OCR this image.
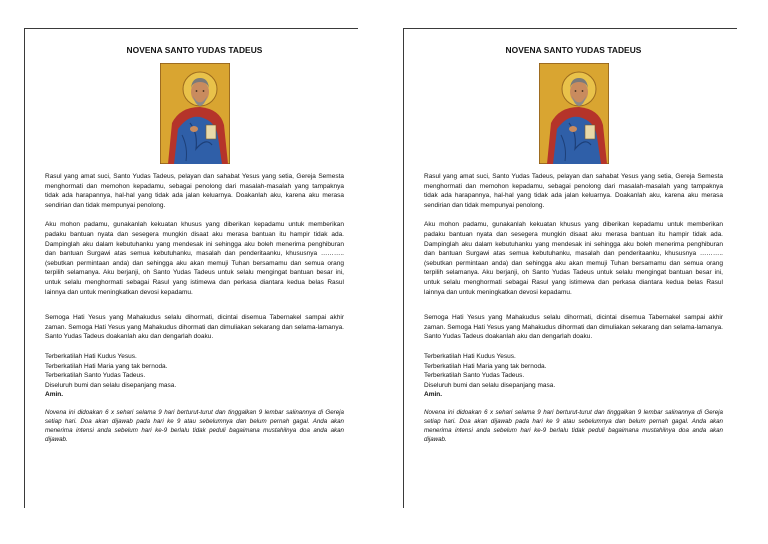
NOVENA SANTO YUDAS TADEUS

Rasul yang amat suci, Santo Yudas Tadeus, pelayan dan sahabat Yesus yang setia, Gereja Semesta menghormati dan memohon kepadamu, sebagai penolong dari masalah-masalah yang tampaknya tidak ada harapannya, hal-hal yang tidak ada jalan keluarnya. Doakanlah aku, karena aku merasa sendirian dan tidak mempunyai penolong.

Aku mohon padamu, gunakanlah kekuatan khusus yang diberikan kepadamu untuk memberikan padaku bantuan nyata dan sesegera mungkin disaat aku merasa bantuan itu hampir tidak ada. Dampinglah aku dalam kebutuhanku yang mendesak ini sehingga aku boleh menerima penghiburan dan bantuan Surgawi atas semua kebutuhanku, masalah dan penderitaanku, khususnya ……….. (sebutkan permintaan anda) dan sehingga aku akan memuji Tuhan bersamamu dan semua orang terpilih selamanya. Aku berjanji, oh Santo Yudas Tadeus untuk selalu mengingat bantuan besar ini, untuk selalu menghormati sebagai Rasul yang istimewa dan perkasa diantara kedua belas Rasul lainnya dan untuk meningkatkan devosi kepadamu.

Semoga Hati Yesus yang Mahakudus selalu dihormati, dicintai disemua Tabernakel sampai akhir zaman. Semoga Hati Yesus yang Mahakudus dihormati dan dimuliakan sekarang dan selama-lamanya. Santo Yudas Tadeus doakanlah aku dan dengarlah doaku.

Terberkatilah Hati Kudus Yesus.
Terberkatilah Hati Maria yang tak bernoda.
Terberkatilah Santo Yudas Tadeus.
Diseluruh bumi dan selalu disepanjang masa.
Amin.

Novena ini didoakan 6 x sehari selama 9 hari berturut-turut dan tinggalkan 9 lembar salinannya di Gereja setiap hari. Doa akan dijawab pada hari ke 9 atau sebelumnya dan belum pernah gagal. Anda akan menerima intensi anda sebelum hari ke-9 berlalu tidak peduli bagaimana mustahilnya doa anda akan dijawab.

NOVENA SANTO YUDAS TADEUS

Rasul yang amat suci, Santo Yudas Tadeus, pelayan dan sahabat Yesus yang setia, Gereja Semesta menghormati dan memohon kepadamu, sebagai penolong dari masalah-masalah yang tampaknya tidak ada harapannya, hal-hal yang tidak ada jalan keluarnya. Doakanlah aku, karena aku merasa sendirian dan tidak mempunyai penolong.

Aku mohon padamu, gunakanlah kekuatan khusus yang diberikan kepadamu untuk memberikan padaku bantuan nyata dan sesegera mungkin disaat aku merasa bantuan itu hampir tidak ada. Dampinglah aku dalam kebutuhanku yang mendesak ini sehingga aku boleh menerima penghiburan dan bantuan Surgawi atas semua kebutuhanku, masalah dan penderitaanku, khususnya ……….. (sebutkan permintaan anda) dan sehingga aku akan memuji Tuhan bersamamu dan semua orang terpilih selamanya. Aku berjanji, oh Santo Yudas Tadeus untuk selalu mengingat bantuan besar ini, untuk selalu menghormati sebagai Rasul yang istimewa dan perkasa diantara kedua belas Rasul lainnya dan untuk meningkatkan devosi kepadamu.

Semoga Hati Yesus yang Mahakudus selalu dihormati, dicintai disemua Tabernakel sampai akhir zaman. Semoga Hati Yesus yang Mahakudus dihormati dan dimuliakan sekarang dan selama-lamanya. Santo Yudas Tadeus doakanlah aku dan dengarlah doaku.

Terberkatilah Hati Kudus Yesus.
Terberkatilah Hati Maria yang tak bernoda.
Terberkatilah Santo Yudas Tadeus.
Diseluruh bumi dan selalu disepanjang masa.
Amin.

Novena ini didoakan 6 x sehari selama 9 hari berturut-turut dan tinggalkan 9 lembar salinannya di Gereja setiap hari. Doa akan dijawab pada hari ke 9 atau sebelumnya dan belum pernah gagal. Anda akan menerima intensi anda sebelum hari ke-9 berlalu tidak peduli bagaimana mustahilnya doa anda akan dijawab.
